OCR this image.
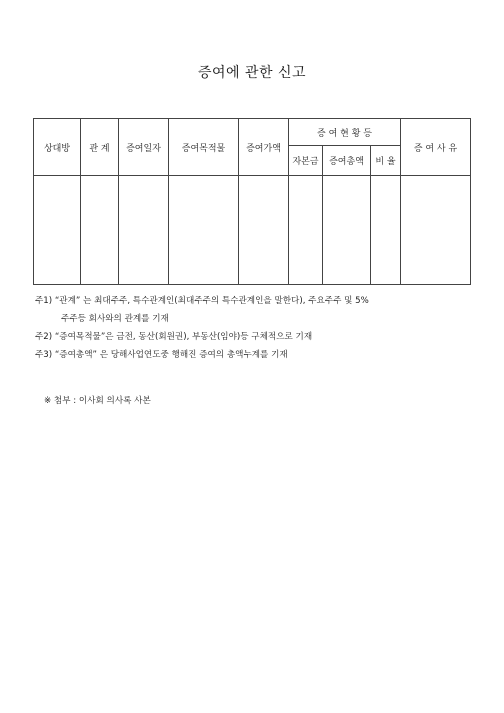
증여에 관한 신고
상대방	관 계	증여일자	증여목적물	증여가액	증 여 현 황 등			증 여 사 유
					자본금	증여총액	비 율	

주1) “관계” 는 최대주주, 특수관계인(최대주주의 특수관계인을 말한다), 주요주주 및 5%
주주등 회사와의 관계를 기재
주2) “증여목적물”은 금전, 동산(회원권), 부동산(임야)등 구체적으로 기재
주3) “증여총액” 은 당해사업연도중 행해진 증여의 총액누계를 기재
※ 첨부 : 이사회 의사록 사본
